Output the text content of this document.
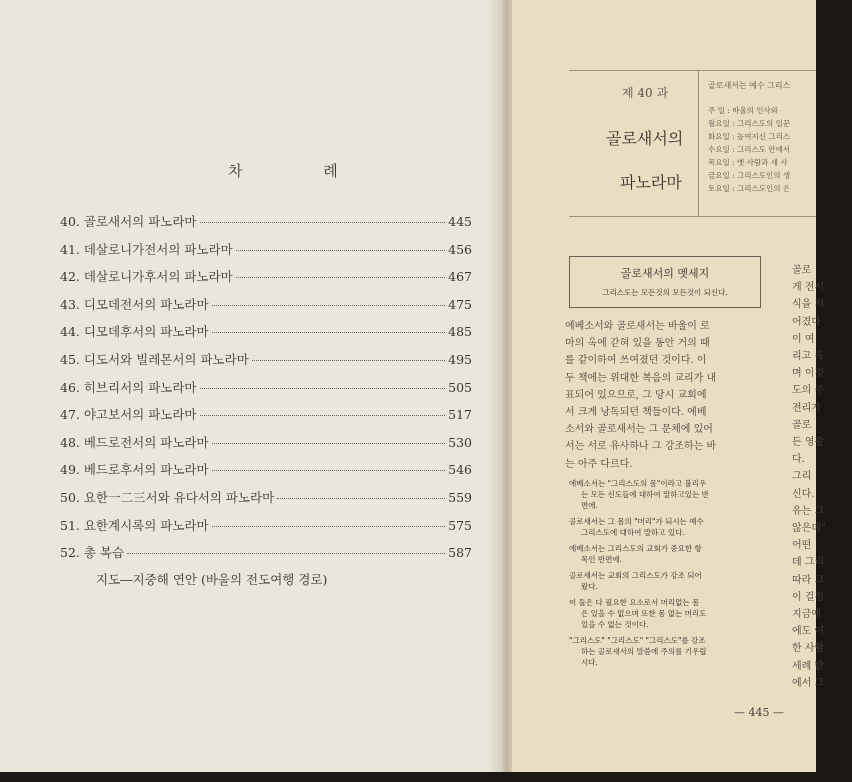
차 례
40. 골로새서의 파노라마	445
41. 데살로니가전서의 파노라마	456
42. 데살로니가후서의 파노라마	467
43. 디모데전서의 파노라마	475
44. 디모데후서의 파노라마	485
45. 디도서와 빌레몬서의 파노라마	495
46. 히브리서의 파노라마	505
47. 야고보서의 파노라마	517
48. 베드로전서의 파노라마	530
49. 베드로후서의 파노라마	546
50. 요한一二三서와 유다서의 파노라마	559
51. 요한계시록의 파노라마	575
52. 총 복습	587
지도―지중해 연안 (바울의 전도여행 경로)
제 40 과
골로새서의
파노라마
골로새서는 예수 그리스
주 일 : 바울의 인사와
월요일 : 그리스도의 일꾼
화요일 : 높여지신 그리스
수요일 : 그리스도 안에서
목요일 : 옛 사람과 새 사
금요일 : 그리스도인의 생
토요일 : 그리스도인의 은
골로새서의 멧세지
그리스도는 모든것의 모든것이 되신다.
에베소서와 골로새서는 바울이 로
마의 옥에 갇혀 있을 동안 거의 때
를 같이하여 쓰여졌던 것이다. 이
두 책에는 위대한 복음의 교리가 내
표되어 있으므로, 그 당시 교회에
서 크게 낭독되던 책들이다. 에베
소서와 골로새서는 그 문체에 있어
서는 서로 유사하나 그 강조하는 바
는 아주 다르다.
에베소서는 "그리스도의 몸"이라고 불리우
는 모든 신도들에 대하여 말하고있는 반
면에.
골로새서는 그 몸의 "머리"가 되시는 예수
그리스도에 대하여 말하고 있다.
에베소서는 그리스도의 교회가 중요한 항
목인 반면에.
골로새서는 교회의 그리스도가 강조 되어
왔다.
이 둘은 다 필요한 요소로서 머리없는 몸
은 있을 수 없으며 또한 몸 없는 머리도
있을 수 없는 것이다.
"그리스도" "그리스도" "그리스도"를 강조
하는 골로새서의 말씀에 주의를 기우립
시다.
골로
게 전서
식을 저
어겼다
이 여
리고 옥
며 이것
도의 주
전리가
골로
든 영광
다.
그리
신다.
유는 그
않은데"
어떤
데 그리
따라 그
이 걸정
지금에
에도 여
한 사람
세례 받
에서 그
— 445 —
